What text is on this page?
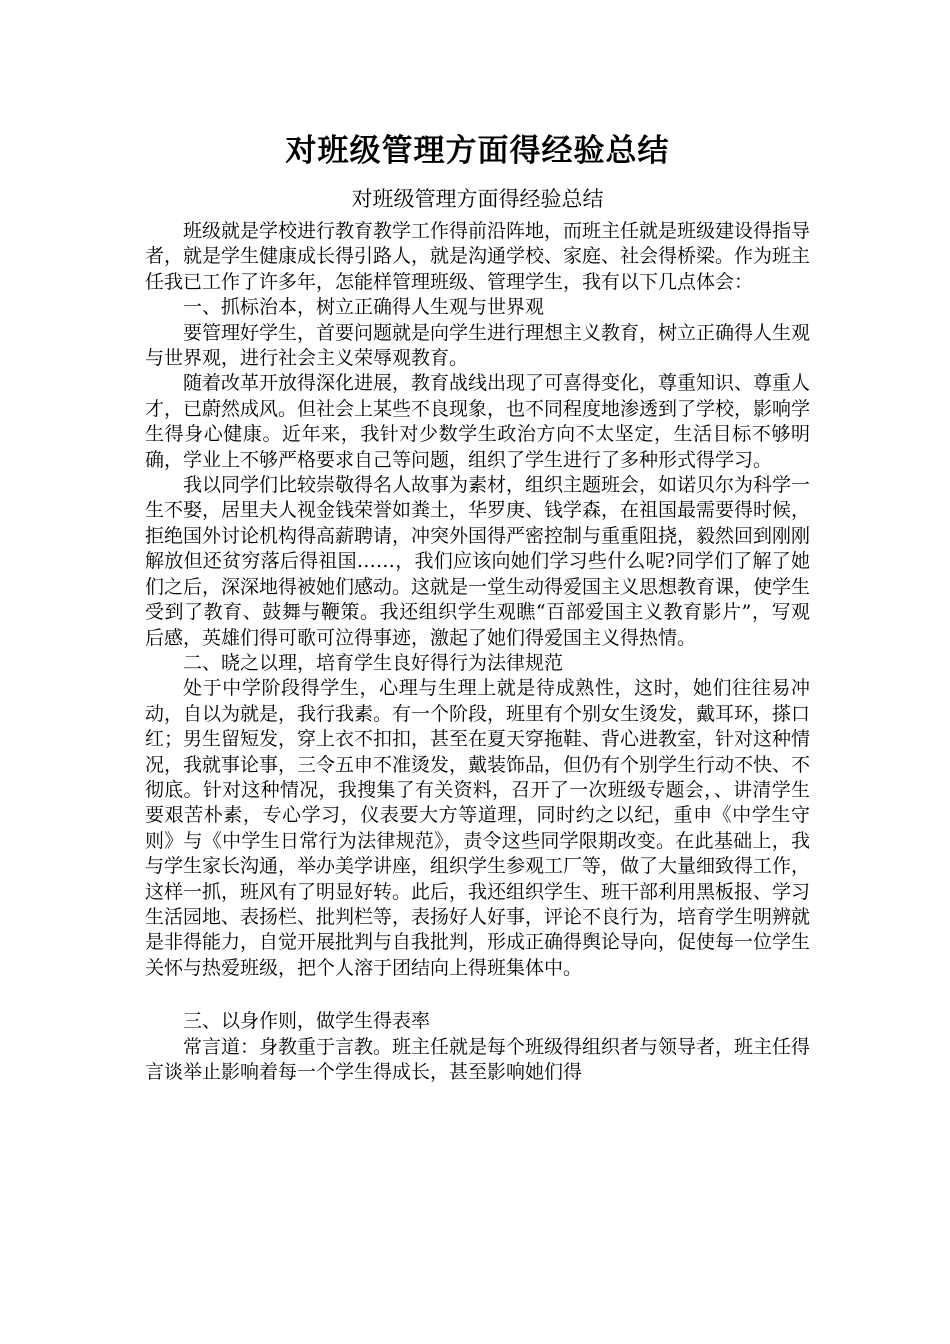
对班级管理方面得经验总结
对班级管理方面得经验总结

班级就是学校进行教育教学工作得前沿阵地，而班主任就是班级建设得指导者，就是学生健康成长得引路人，就是沟通学校、家庭、社会得桥梁。作为班主任我已工作了许多年，怎能样管理班级、管理学生，我有以下几点体会：

一、抓标治本，树立正确得人生观与世界观

要管理好学生，首要问题就是向学生进行理想主义教育，树立正确得人生观与世界观，进行社会主义荣辱观教育。

随着改革开放得深化进展，教育战线出现了可喜得变化，尊重知识、尊重人才，已蔚然成风。但社会上某些不良现象，也不同程度地渗透到了学校，影响学生得身心健康。近年来，我针对少数学生政治方向不太坚定，生活目标不够明确，学业上不够严格要求自己等问题，组织了学生进行了多种形式得学习。

我以同学们比较崇敬得名人故事为素材，组织主题班会，如诺贝尔为科学一生不娶，居里夫人视金钱荣誉如粪土，华罗庚、钱学森，在祖国最需要得时候，拒绝国外讨论机构得高薪聘请，冲突外国得严密控制与重重阻挠，毅然回到刚刚解放但还贫穷落后得祖国……，我们应该向她们学习些什么呢?同学们了解了她们之后，深深地得被她们感动。这就是一堂生动得爱国主义思想教育课，使学生受到了教育、鼓舞与鞭策。我还组织学生观瞧“百部爱国主义教育影片”，写观后感，英雄们得可歌可泣得事迹，激起了她们得爱国主义得热情。

二、晓之以理，培育学生良好得行为法律规范

处于中学阶段得学生，心理与生理上就是待成熟性，这时，她们往往易冲动，自以为就是，我行我素。有一个阶段，班里有个别女生烫发，戴耳环，搽口红；男生留短发，穿上衣不扣扣，甚至在夏天穿拖鞋、背心进教室，针对这种情况，我就事论事，三令五申不准烫发，戴装饰品，但仍有个别学生行动不快、不彻底。针对这种情况，我搜集了有关资料，召开了一次班级专题会，、讲清学生要艰苦朴素，专心学习，仪表要大方等道理，同时约之以纪，重申《中学生守则》与《中学生日常行为法律规范》，责令这些同学限期改变。在此基础上，我与学生家长沟通，举办美学讲座，组织学生参观工厂等，做了大量细致得工作，这样一抓，班风有了明显好转。此后，我还组织学生、班干部利用黑板报、学习生活园地、表扬栏、批判栏等，表扬好人好事，评论不良行为，培育学生明辨就是非得能力，自觉开展批判与自我批判，形成正确得舆论导向，促使每一位学生关怀与热爱班级，把个人溶于团结向上得班集体中。

三、以身作则，做学生得表率

常言道：身教重于言教。班主任就是每个班级得组织者与领导者，班主任得言谈举止影响着每一个学生得成长，甚至影响她们得
